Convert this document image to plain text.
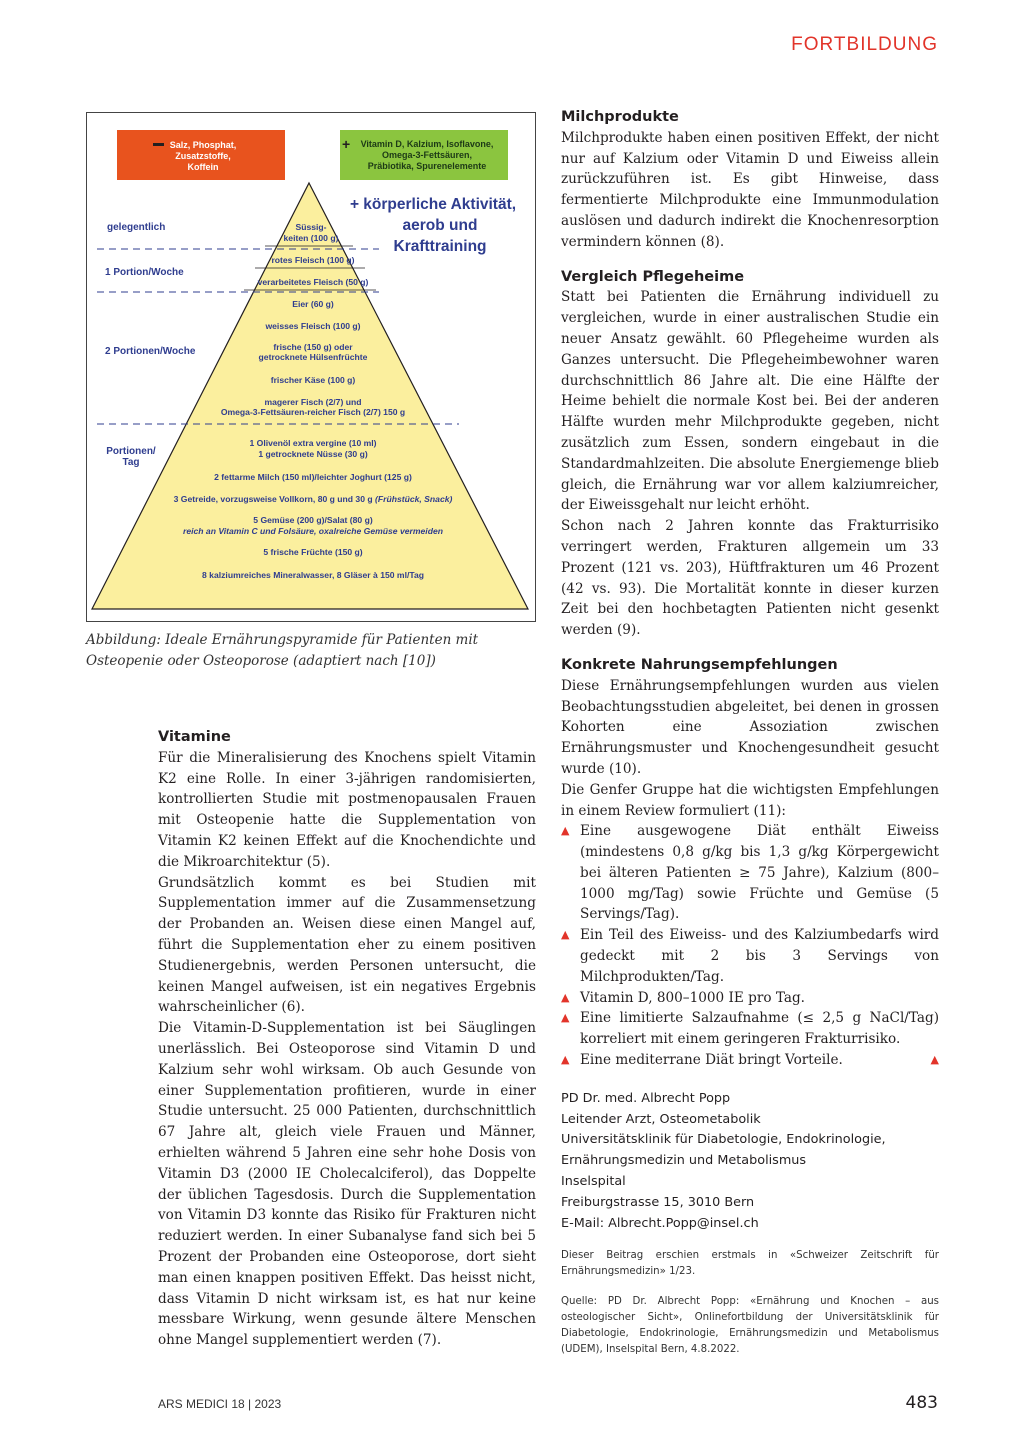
FORTBILDUNG
Salz, Phosphat,
Zusatzstoffe,
Koffein
+ Vitamin D, Kalzium, Isoflavone,
Omega-3-Fettsäuren,
Präbiotika, Spurenelemente
gelegentlich
1 Portion/Woche
2 Portionen/Woche
Portionen/
Tag
+ körperliche Aktivität,
aerob und
Krafttraining
Süssig-
keiten (100 g)
rotes Fleisch (100 g)
verarbeitetes Fleisch (50 g)
Eier (60 g)
weisses Fleisch (100 g)
frische (150 g) oder
getrocknete Hülsenfrüchte
frischer Käse (100 g)
magerer Fisch (2/7) und
Omega-3-Fettsäuren-reicher Fisch (2/7) 150 g
1 Olivenöl extra vergine (10 ml)
1 getrocknete Nüsse (30 g)
2 fettarme Milch (150 ml)/leichter Joghurt (125 g)
3 Getreide, vorzugsweise Vollkorn, 80 g und 30 g (Frühstück, Snack)
5 Gemüse (200 g)/Salat (80 g)
reich an Vitamin C und Folsäure, oxalreiche Gemüse vermeiden
5 frische Früchte (150 g)
8 kalziumreiches Mineralwasser, 8 Gläser à 150 ml/Tag
Abbildung: Ideale Ernährungspyramide für Patienten mit Osteopenie oder Osteoporose (adaptiert nach [10])
Vitamine

Für die Mineralisierung des Knochens spielt Vitamin K2 eine Rolle. In einer 3-jährigen randomisierten, kontrollierten Studie mit postmenopausalen Frauen mit Osteopenie hatte die Supplementation von Vitamin K2 keinen Effekt auf die Knochendichte und die Mikroarchitektur (5).

Grundsätzlich kommt es bei Studien mit Supplementation immer auf die Zusammensetzung der Probanden an. Weisen diese einen Mangel auf, führt die Supplementation eher zu einem positiven Studienergebnis, werden Personen untersucht, die keinen Mangel aufweisen, ist ein negatives Ergebnis wahrscheinlicher (6).

Die Vitamin-D-Supplementation ist bei Säuglingen unerlässlich. Bei Osteoporose sind Vitamin D und Kalzium sehr wohl wirksam. Ob auch Gesunde von einer Supplementation profitieren, wurde in einer Studie untersucht. 25 000 Patienten, durchschnittlich 67 Jahre alt, gleich viele Frauen und Männer, erhielten während 5 Jahren eine sehr hohe Dosis von Vitamin D3 (2000 IE Cholecalciferol), das Doppelte der üblichen Tagesdosis. Durch die Supplementation von Vitamin D3 konnte das Risiko für Frakturen nicht reduziert werden. In einer Subanalyse fand sich bei 5 Prozent der Probanden eine Osteoporose, dort sieht man einen knappen positiven Effekt. Das heisst nicht, dass Vitamin D nicht wirksam ist, es hat nur keine messbare Wirkung, wenn gesunde ältere Menschen ohne Mangel supplementiert werden (7).

Milchprodukte

Milchprodukte haben einen positiven Effekt, der nicht nur auf Kalzium oder Vitamin D und Eiweiss allein zurückzuführen ist. Es gibt Hinweise, dass fermentierte Milchprodukte eine Immunmodulation auslösen und dadurch indirekt die Knochenresorption vermindern können (8).

Vergleich Pflegeheime

Statt bei Patienten die Ernährung individuell zu vergleichen, wurde in einer australischen Studie ein neuer Ansatz gewählt. 60 Pflegeheime wurden als Ganzes untersucht. Die Pflegeheimbewohner waren durchschnittlich 86 Jahre alt. Die eine Hälfte der Heime behielt die normale Kost bei. Bei der anderen Hälfte wurden mehr Milchprodukte gegeben, nicht zusätzlich zum Essen, sondern eingebaut in die Standardmahlzeiten. Die absolute Energiemenge blieb gleich, die Ernährung war vor allem kalziumreicher, der Eiweissgehalt nur leicht erhöht.

Schon nach 2 Jahren konnte das Frakturrisiko verringert werden, Frakturen allgemein um 33 Prozent (121 vs. 203), Hüftfrakturen um 46 Prozent (42 vs. 93). Die Mortalität konnte in dieser kurzen Zeit bei den hochbetagten Patienten nicht gesenkt werden (9).

Konkrete Nahrungsempfehlungen

Diese Ernährungsempfehlungen wurden aus vielen Beobachtungsstudien abgeleitet, bei denen in grossen Kohorten eine Assoziation zwischen Ernährungsmuster und Knochengesundheit gesucht wurde (10).

Die Genfer Gruppe hat die wichtigsten Empfehlungen in einem Review formuliert (11):

▲ Eine ausgewogene Diät enthält Eiweiss (mindestens 0,8 g/kg bis 1,3 g/kg Körpergewicht bei älteren Patienten ≥ 75 Jahre), Kalzium (800–1000 mg/Tag) sowie Früchte und Gemüse (5 Servings/Tag).
▲ Ein Teil des Eiweiss- und des Kalziumbedarfs wird gedeckt mit 2 bis 3 Servings von Milchprodukten/Tag.
▲ Vitamin D, 800–1000 IE pro Tag.
▲ Eine limitierte Salzaufnahme (≤ 2,5 g NaCl/Tag) korreliert mit einem geringeren Frakturrisiko.
▲ ▲
Eine mediterrane Diät bringt Vorteile.
PD Dr. med. Albrecht Popp
Leitender Arzt, Osteometabolik
Universitätsklinik für Diabetologie, Endokrinologie,
Ernährungsmedizin und Metabolismus
Inselspital
Freiburgstrasse 15, 3010 Bern
E-Mail: Albrecht.Popp@insel.ch
Dieser Beitrag erschien erstmals in «Schweizer Zeitschrift für Ernährungsmedizin» 1/23.
Quelle: PD Dr. Albrecht Popp: «Ernährung und Knochen – aus osteologischer Sicht», Onlinefortbildung der Universitätsklinik für Diabetologie, Endokrinologie, Ernährungsmedizin und Metabolismus (UDEM), Inselspital Bern, 4.8.2022.
ARS MEDICI 18 | 2023	483
